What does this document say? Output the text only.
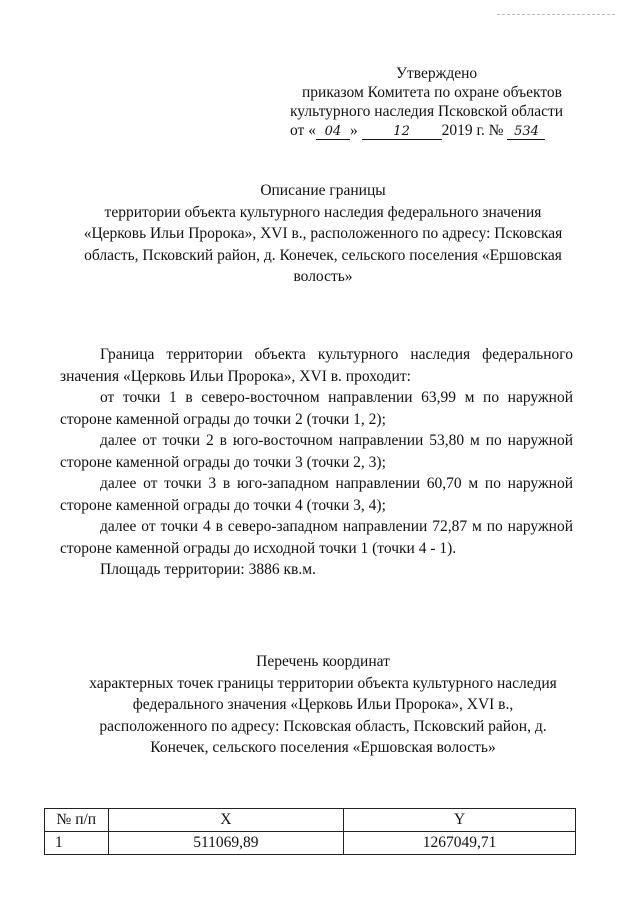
Утверждено
приказом Комитета по охране объектов
культурного наследия Псковской области
от « 04 »	12 2019 г. № 534
Описание границы
территории объекта культурного наследия федерального значения
«Церковь Ильи Пророка», XVI в., расположенного по адресу: Псковская
область, Псковский район, д. Конечек, сельского поселения «Ершовская
волость»

Граница территории объекта культурного наследия федерального значения «Церковь Ильи Пророка», XVI в. проходит:

от точки 1 в северо-восточном направлении 63,99 м по наружной стороне каменной ограды до точки 2 (точки 1, 2);

далее от точки 2 в юго-восточном направлении 53,80 м по наружной стороне каменной ограды до точки 3 (точки 2, 3);

далее от точки 3 в юго-западном направлении 60,70 м по наружной стороне каменной ограды до точки 4 (точки 3, 4);

далее от точки 4 в северо-западном направлении 72,87 м по наружной стороне каменной ограды до исходной точки 1 (точки 4 - 1).

Площадь территории: 3886 кв.м.

Перечень координат
характерных точек границы территории объекта культурного наследия
федерального значения «Церковь Ильи Пророка», XVI в.,
расположенного по адресу: Псковская область, Псковский район, д.
Конечек, сельского поселения «Ершовская волость»
№ п/п	X	Y
1	511069,89	1267049,71
